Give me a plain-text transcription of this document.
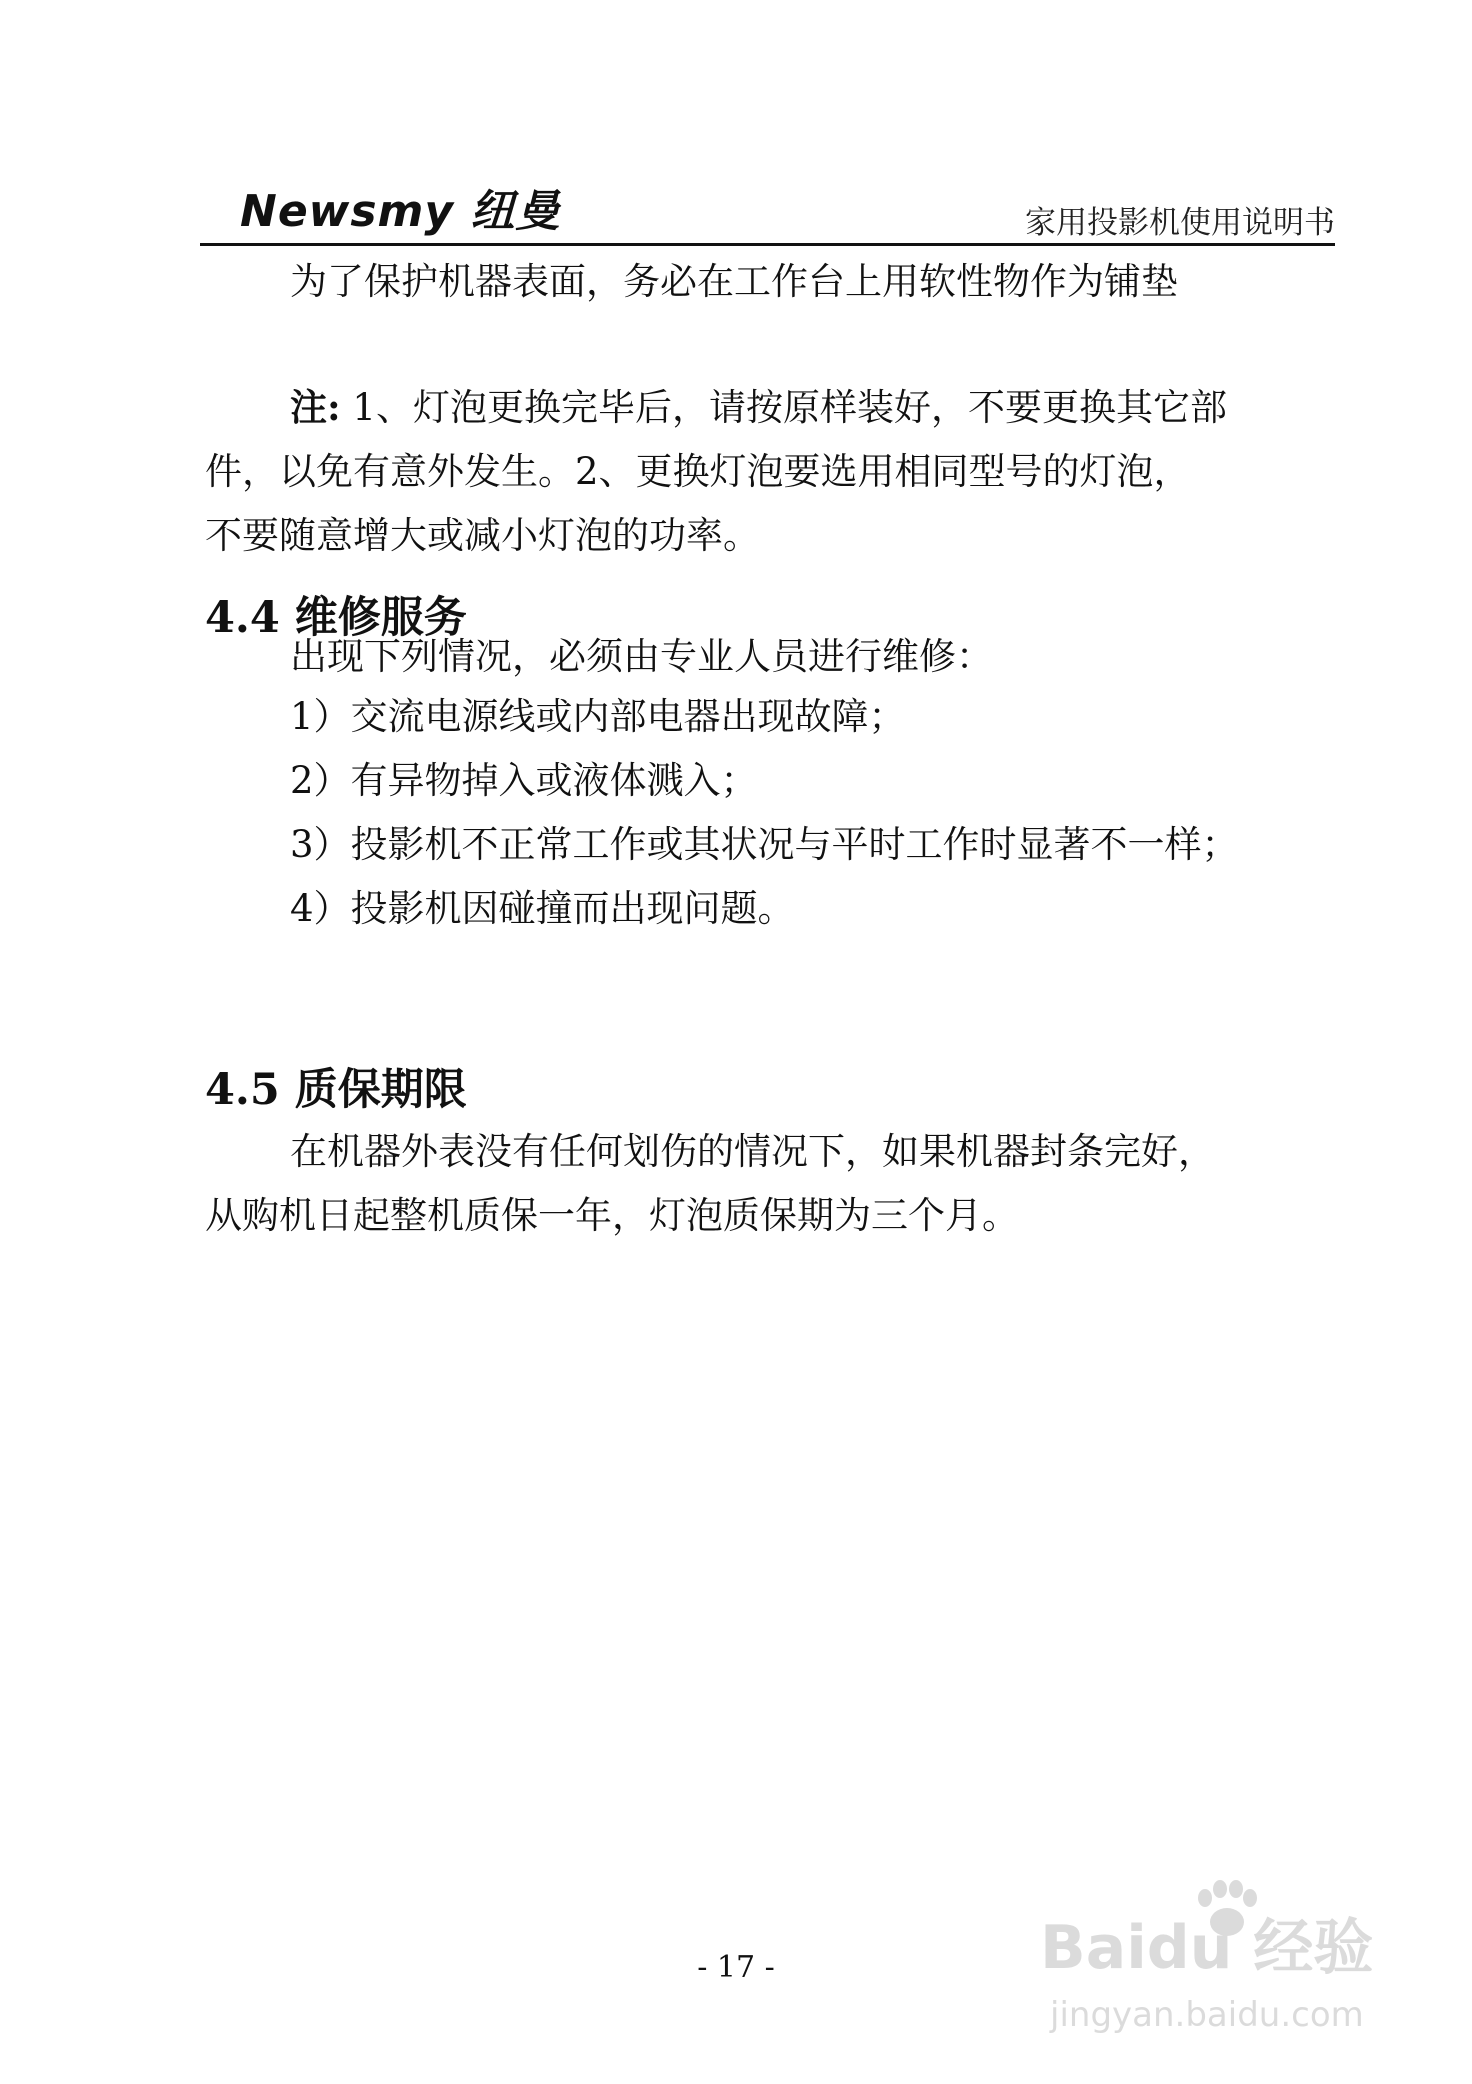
Newsmy 纽曼	家用投影机使用说明书
为了保护机器表面，务必在工作台上用软性物作为铺垫
注: 1、灯泡更换完毕后，请按原样装好，不要更换其它部
件，以免有意外发生。2、更换灯泡要选用相同型号的灯泡，
不要随意增大或减小灯泡的功率。
4.4 维修服务
出现下列情况，必须由专业人员进行维修：
1）交流电源线或内部电器出现故障；
2）有异物掉入或液体溅入；
3）投影机不正常工作或其状况与平时工作时显著不一样；
4）投影机因碰撞而出现问题。
4.5 质保期限
在机器外表没有任何划伤的情况下，如果机器封条完好，
从购机日起整机质保一年，灯泡质保期为三个月。
- 17 -	Baidu 经验
jingyan.baidu.com
